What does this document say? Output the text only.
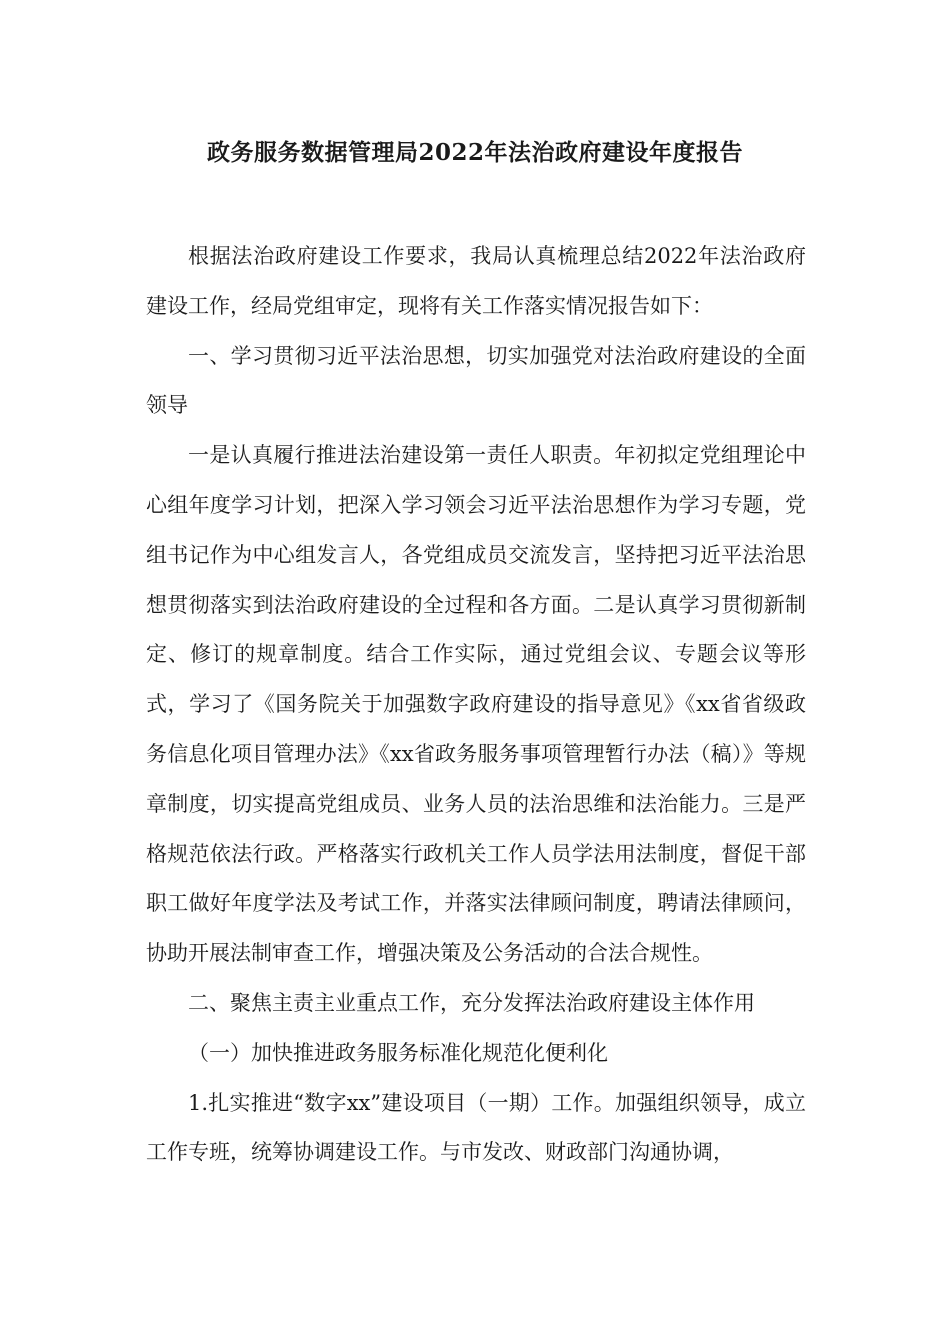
政务服务数据管理局2022年法治政府建设年度报告

根据法治政府建设工作要求，我局认真梳理总结2022年法治政府建设工作，经局党组审定，现将有关工作落实情况报告如下：

一、学习贯彻习近平法治思想，切实加强党对法治政府建设的全面领导

一是认真履行推进法治建设第一责任人职责。年初拟定党组理论中心组年度学习计划，把深入学习领会习近平法治思想作为学习专题，党组书记作为中心组发言人，各党组成员交流发言，坚持把习近平法治思想贯彻落实到法治政府建设的全过程和各方面。二是认真学习贯彻新制定、修订的规章制度。结合工作实际，通过党组会议、专题会议等形式，学习了《国务院关于加强数字政府建设的指导意见》《xx省省级政务信息化项目管理办法》《xx省政务服务事项管理暂行办法（稿）》等规章制度，切实提高党组成员、业务人员的法治思维和法治能力。三是严格规范依法行政。严格落实行政机关工作人员学法用法制度，督促干部职工做好年度学法及考试工作，并落实法律顾问制度，聘请法律顾问，协助开展法制审查工作，增强决策及公务活动的合法合规性。

二、聚焦主责主业重点工作，充分发挥法治政府建设主体作用

（一）加快推进政务服务标准化规范化便利化

1.扎实推进“数字xx”建设项目（一期）工作。加强组织领导，成立工作专班，统筹协调建设工作。与市发改、财政部门沟通协调，
